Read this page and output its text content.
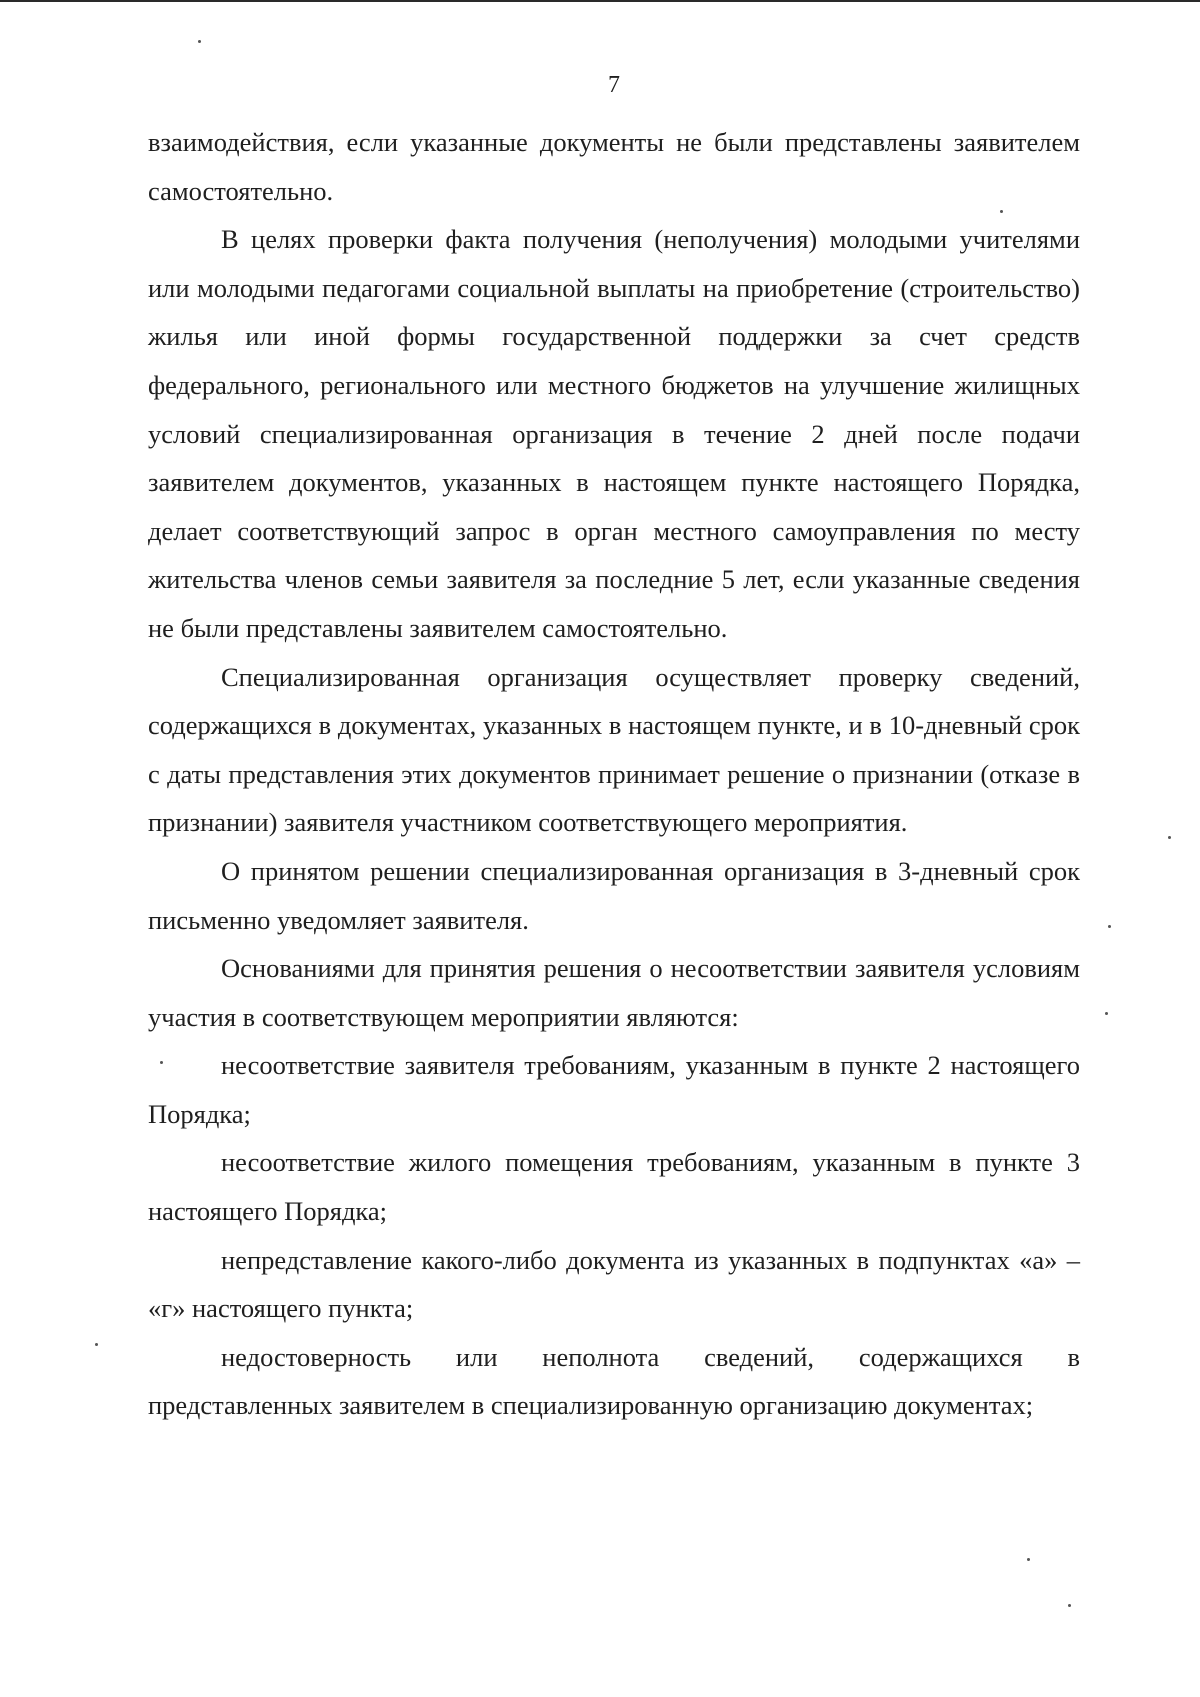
7

взаимодействия, если указанные документы не были представлены заявителем самостоятельно.

В целях проверки факта получения (неполучения) молодыми учителями или молодыми педагогами социальной выплаты на приобретение (строительство) жилья или иной формы государственной поддержки за счет средств федерального, регионального или местного бюджетов на улучшение жилищных условий специализированная организация в течение 2 дней после подачи заявителем документов, указанных в настоящем пункте настоящего Порядка, делает соответствующий запрос в орган местного самоуправления по месту жительства членов семьи заявителя за последние 5 лет, если указанные сведения не были представлены заявителем самостоятельно.

Специализированная организация осуществляет проверку сведений, содержащихся в документах, указанных в настоящем пункте, и в 10-дневный срок с даты представления этих документов принимает решение о признании (отказе в признании) заявителя участником соответствующего мероприятия.

О принятом решении специализированная организация в 3-дневный срок письменно уведомляет заявителя.

Основаниями для принятия решения о несоответствии заявителя условиям участия в соответствующем мероприятии являются:

несоответствие заявителя требованиям, указанным в пункте 2 настоящего Порядка;

несоответствие жилого помещения требованиям, указанным в пункте 3 настоящего Порядка;

непредставление какого-либо документа из указанных в подпунктах «а» – «г» настоящего пункта;

недостоверность или неполнота сведений, содержащихся в представленных заявителем в специализированную организацию документах;
